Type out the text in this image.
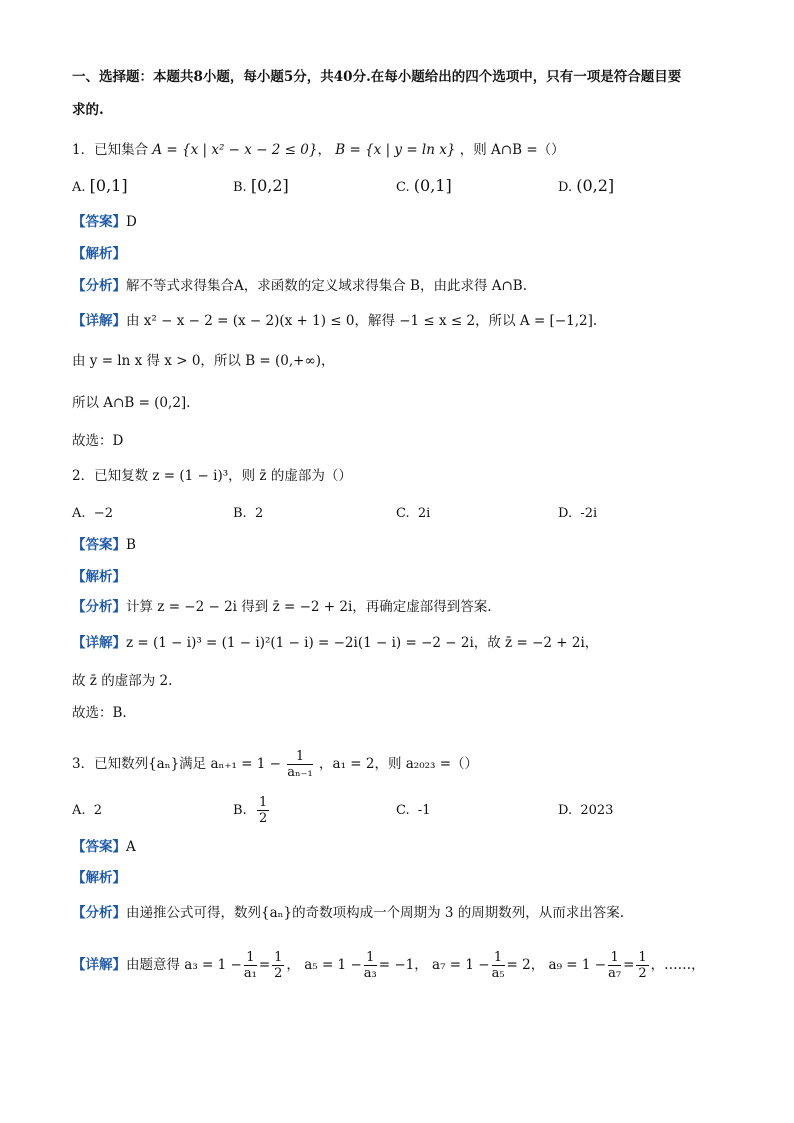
一、选择题：本题共8小题，每小题5分，共40分.在每小题给出的四个选项中，只有一项是符合题目要
求的.
1．已知集合 A = {x | x² − x − 2 ≤ 0}， B = {x | y = ln x} ，则 A∩B =（）
A. [0,1]	B. [0,2]	C. (0,1]	D. (0,2]
【答案】D
【解析】
【分析】解不等式求得集合A，求函数的定义域求得集合 B，由此求得 A∩B.
【详解】由 x² − x − 2 = (x − 2)(x + 1) ≤ 0，解得 −1 ≤ x ≤ 2，所以 A = [−1,2].
由 y = ln x 得 x > 0，所以 B = (0,+∞)，
所以 A∩B = (0,2].
故选：D
2．已知复数 z = (1 − i)³，则 z̄ 的虚部为（）
A. −2	B. 2	C. 2i	D. -2i
【答案】B
【解析】
【分析】计算 z = −2 − 2i 得到 z̄ = −2 + 2i，再确定虚部得到答案.
【详解】z = (1 − i)³ = (1 − i)²(1 − i) = −2i(1 − i) = −2 − 2i，故 z̄ = −2 + 2i，
故 z̄ 的虚部为 2.
故选：B.
3．已知数列{aₙ}满足 $a_{n+1} = 1 - \frac{1}{\text{aₙ₋₁}}$ ，a₁ = 2，则 a₂₀₂₃ =（）
A. 2	B. $\frac{1}{2}$	C. -1	D. 2023
【答案】A
【解析】
【分析】由递推公式可得，数列{aₙ}的奇数项构成一个周期为 3 的周期数列，从而求出答案.
【详解】由题意得 $a_3 = 1 - \frac{1}{\text{a₁}} = \frac{1}{2}$ ， $a_5 = 1 - \frac{1}{\text{a₃}} = -1$， $a_7 = 1 - \frac{1}{\text{a₅}} = 2$， $a_9 = 1 - \frac{1}{\text{a₇}} = \frac{1}{2}$ ，……，
